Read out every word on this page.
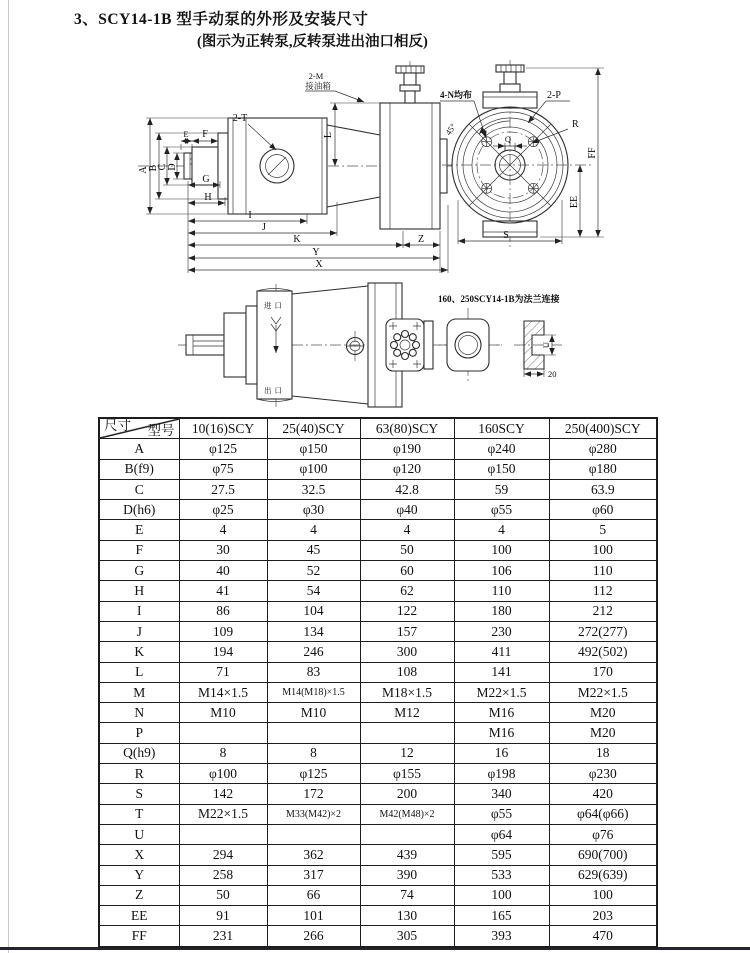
3、SCY14-1B 型手动泵的外形及安装尺寸
(图示为正转泵,反转泵进出油口相反)
A B
C D
E F
G
H
I
J
K	Z
Y
X
L
2-M
接油箱
2-T
Q
45°
4-N均布	2-P
R
S
EE
FF
进口
出口
160、250SCY14-1B为法兰连接
U
20
尺寸 型号	10(16)SCY	25(40)SCY	63(80)SCY	160SCY	250(400)SCY
A	φ125	φ150	φ190	φ240	φ280
B(f9)	φ75	φ100	φ120	φ150	φ180
C	27.5	32.5	42.8	59	63.9
D(h6)	φ25	φ30	φ40	φ55	φ60
E	4	4	4	4	5
F	30	45	50	100	100
G	40	52	60	106	110
H	41	54	62	110	112
I	86	104	122	180	212
J	109	134	157	230	272(277)
K	194	246	300	411	492(502)
L	71	83	108	141	170
M	M14×1.5	M14(M18)×1.5	M18×1.5	M22×1.5	M22×1.5
N	M10	M10	M12	M16	M20
P				M16	M20
Q(h9)	8	8	12	16	18
R	φ100	φ125	φ155	φ198	φ230
S	142	172	200	340	420
T	M22×1.5	M33(M42)×2	M42(M48)×2	φ55	φ64(φ66)
U				φ64	φ76
X	294	362	439	595	690(700)
Y	258	317	390	533	629(639)
Z	50	66	74	100	100
EE	91	101	130	165	203
FF	231	266	305	393	470
